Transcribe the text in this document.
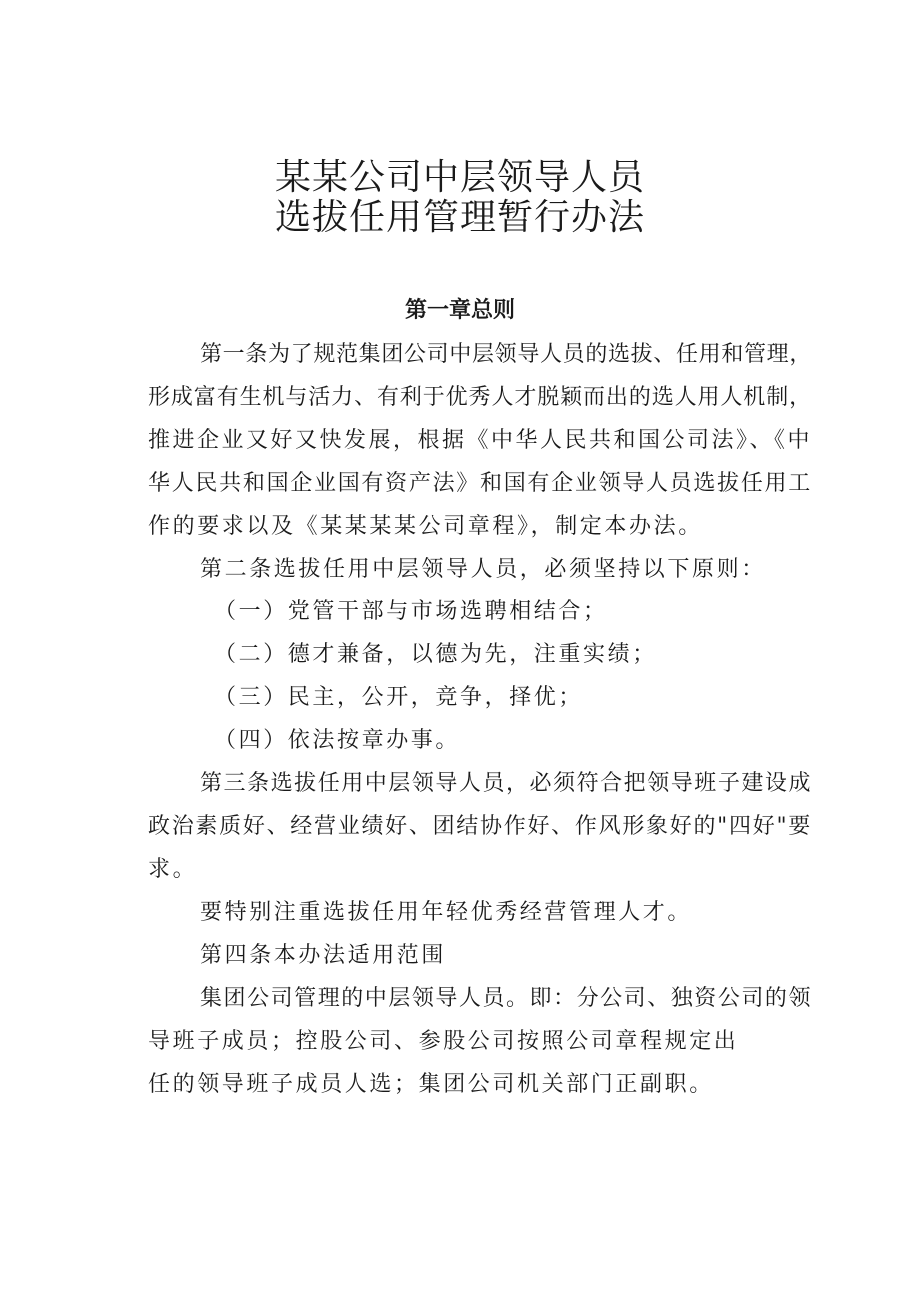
某某公司中层领导人员
选拔任用管理暂行办法
第一章总则
第一条为了规范集团公司中层领导人员的选拔、任用和管理，
形成富有生机与活力、有利于优秀人才脱颖而出的选人用人机制，
推进企业又好又快发展，根据《中华人民共和国公司法》、《中
华人民共和国企业国有资产法》和国有企业领导人员选拔任用工
作的要求以及《某某某某公司章程》，制定本办法。
第二条选拔任用中层领导人员，必须坚持以下原则：
（一）党管干部与市场选聘相结合；
（二）德才兼备，以德为先，注重实绩；
（三）民主，公开，竞争，择优；
（四）依法按章办事。
第三条选拔任用中层领导人员，必须符合把领导班子建设成
政治素质好、经营业绩好、团结协作好、作风形象好的"四好"要
求。
要特别注重选拔任用年轻优秀经营管理人才。
第四条本办法适用范围
集团公司管理的中层领导人员。即：分公司、独资公司的领
导班子成员；控股公司、参股公司按照公司章程规定出
任的领导班子成员人选；集团公司机关部门正副职。
